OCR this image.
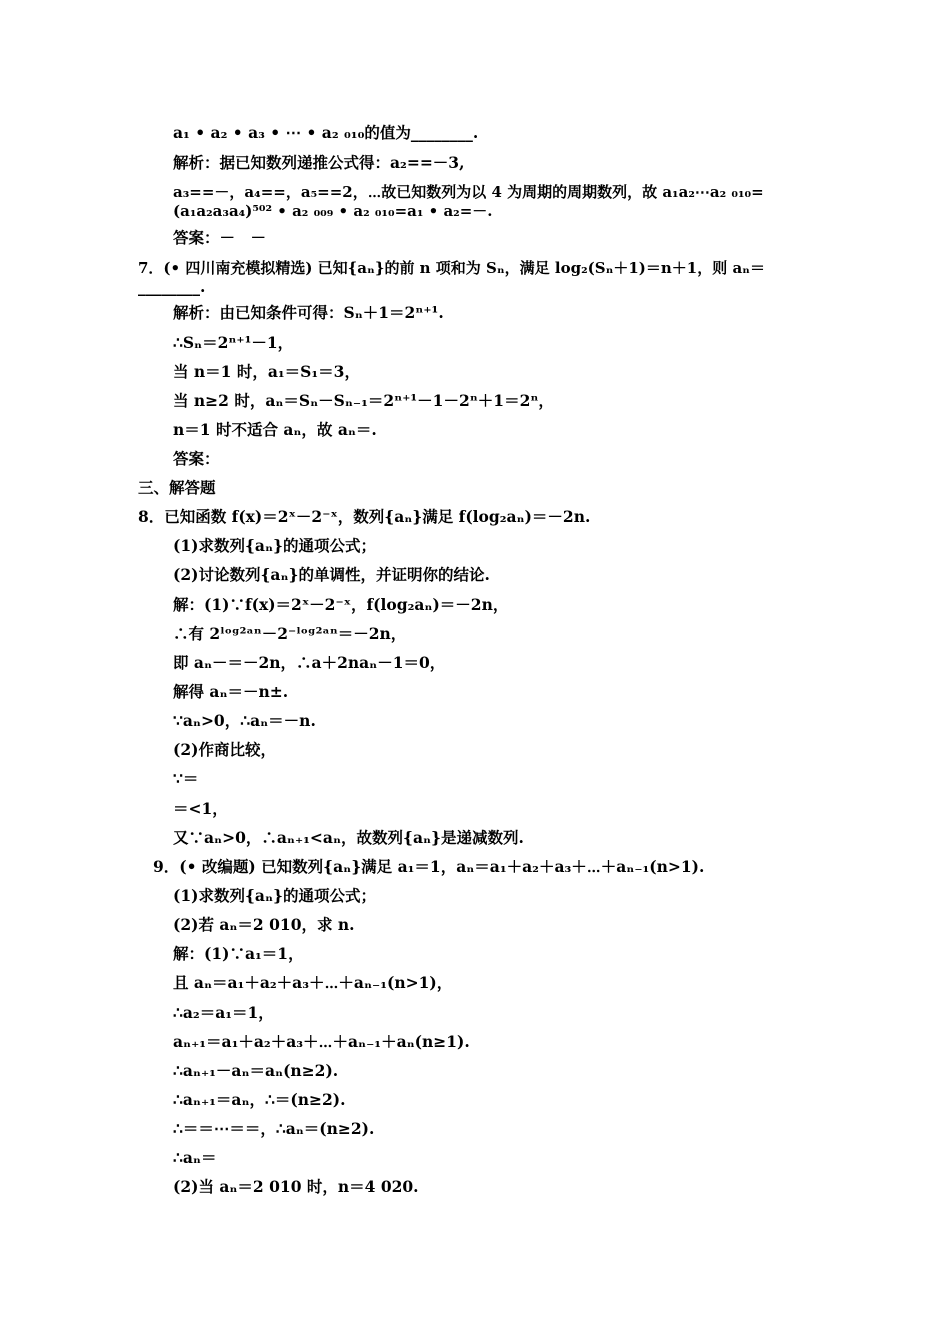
a₁ • a₂ • a₃ • ⋯ • a₂ ₀₁₀的值为________.
解析：据已知数列递推公式得：a₂==－3,
a₃==－，a₄==，a₅==2，⋯故已知数列为以 4 为周期的周期数列，故 a₁a₂⋯a₂ ₀₁₀=
(a₁a₂a₃a₄)⁵⁰² • a₂ ₀₀₉ • a₂ ₀₁₀=a₁ • a₂=－.
答案：－　－
7．(• 四川南充模拟精选) 已知{aₙ}的前 n 项和为 Sₙ，满足 log₂(Sₙ＋1)＝n＋1，则 aₙ＝
________.
解析：由已知条件可得：Sₙ＋1＝2ⁿ⁺¹.
∴Sₙ＝2ⁿ⁺¹－1，
当 n＝1 时，a₁＝S₁＝3，
当 n≥2 时，aₙ＝Sₙ－Sₙ₋₁＝2ⁿ⁺¹－1－2ⁿ＋1＝2ⁿ，
n＝1 时不适合 aₙ，故 aₙ＝.
答案：
三、解答题
8．已知函数 f(x)＝2ˣ－2⁻ˣ，数列{aₙ}满足 f(log₂aₙ)＝－2n.
(1)求数列{aₙ}的通项公式；
(2)讨论数列{aₙ}的单调性，并证明你的结论.
解：(1)∵f(x)＝2ˣ－2⁻ˣ，f(log₂aₙ)＝－2n，
∴有 2ˡᵒᵍ²ᵃⁿ－2⁻ˡᵒᵍ²ᵃⁿ＝－2n，
即 aₙ－＝－2n，∴a＋2naₙ－1＝0，
解得 aₙ＝－n±.
∵aₙ>0，∴aₙ＝－n.
(2)作商比较，
∵＝
＝<1，
又∵aₙ>0，∴aₙ₊₁<aₙ，故数列{aₙ}是递减数列.
9．(• 改编题) 已知数列{aₙ}满足 a₁＝1，aₙ＝a₁＋a₂＋a₃＋⋯＋aₙ₋₁(n>1).
(1)求数列{aₙ}的通项公式；
(2)若 aₙ＝2 010，求 n.
解：(1)∵a₁＝1，
且 aₙ＝a₁＋a₂＋a₃＋⋯＋aₙ₋₁(n>1)，
∴a₂＝a₁＝1，
aₙ₊₁＝a₁＋a₂＋a₃＋⋯＋aₙ₋₁＋aₙ(n≥1).
∴aₙ₊₁－aₙ＝aₙ(n≥2).
∴aₙ₊₁＝aₙ，∴＝(n≥2).
∴＝＝⋯＝＝，∴aₙ＝(n≥2).
∴aₙ＝
(2)当 aₙ＝2 010 时，n＝4 020.
